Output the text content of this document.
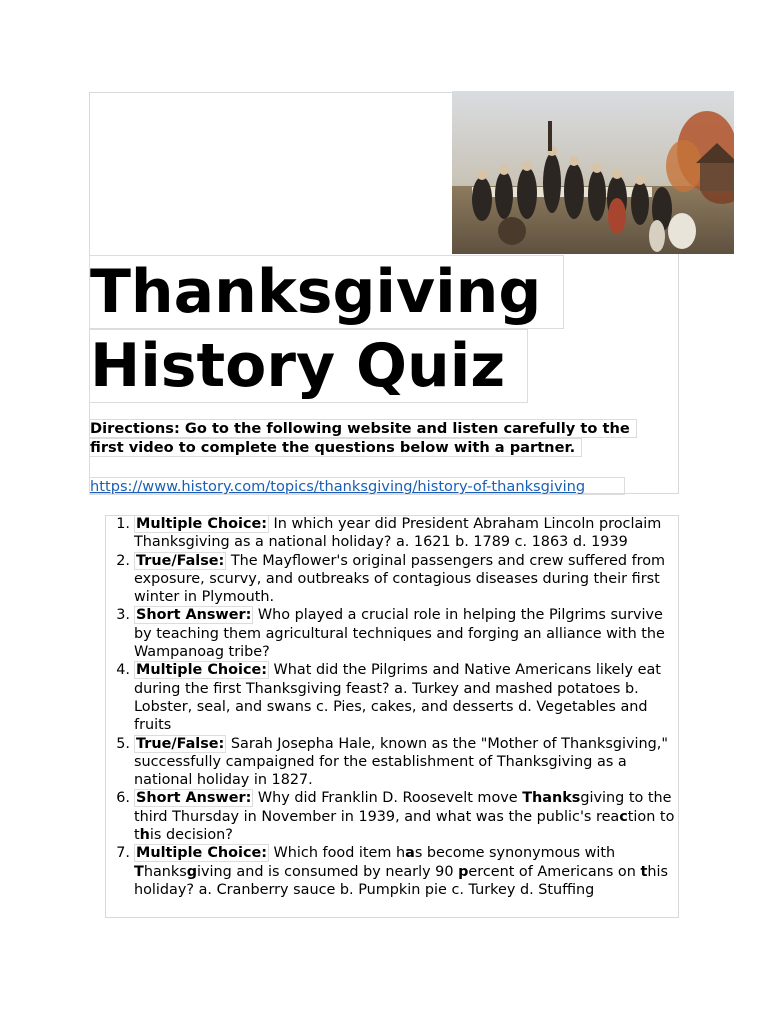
Thanksgiving
History Quiz
Directions: Go to the following website and listen carefully to the
first video to complete the questions below with a partner.
https://www.history.com/topics/thanksgiving/history-of-thanksgiving
1. Multiple Choice: In which year did President Abraham Lincoln proclaim Thanksgiving as a national holiday? a. 1621 b. 1789 c. 1863 d. 1939
2. True/False: The Mayflower's original passengers and crew suffered from exposure, scurvy, and outbreaks of contagious diseases during their first winter in Plymouth.
3. Short Answer: Who played a crucial role in helping the Pilgrims survive by teaching them agricultural techniques and forging an alliance with the Wampanoag tribe?
4. Multiple Choice: What did the Pilgrims and Native Americans likely eat during the first Thanksgiving feast? a. Turkey and mashed potatoes b. Lobster, seal, and swans c. Pies, cakes, and desserts d. Vegetables and fruits
5. True/False: Sarah Josepha Hale, known as the "Mother of Thanksgiving," successfully campaigned for the establishment of Thanksgiving as a national holiday in 1827.
6. Short Answer: Why did Franklin D. Roosevelt move Thanksgiving to the third Thursday in November in 1939, and what was the public's reaction to this decision?
7. Multiple Choice: Which food item has become synonymous with Thanksgiving and is consumed by nearly 90 percent of Americans on this holiday? a. Cranberry sauce b. Pumpkin pie c. Turkey d. Stuffing
